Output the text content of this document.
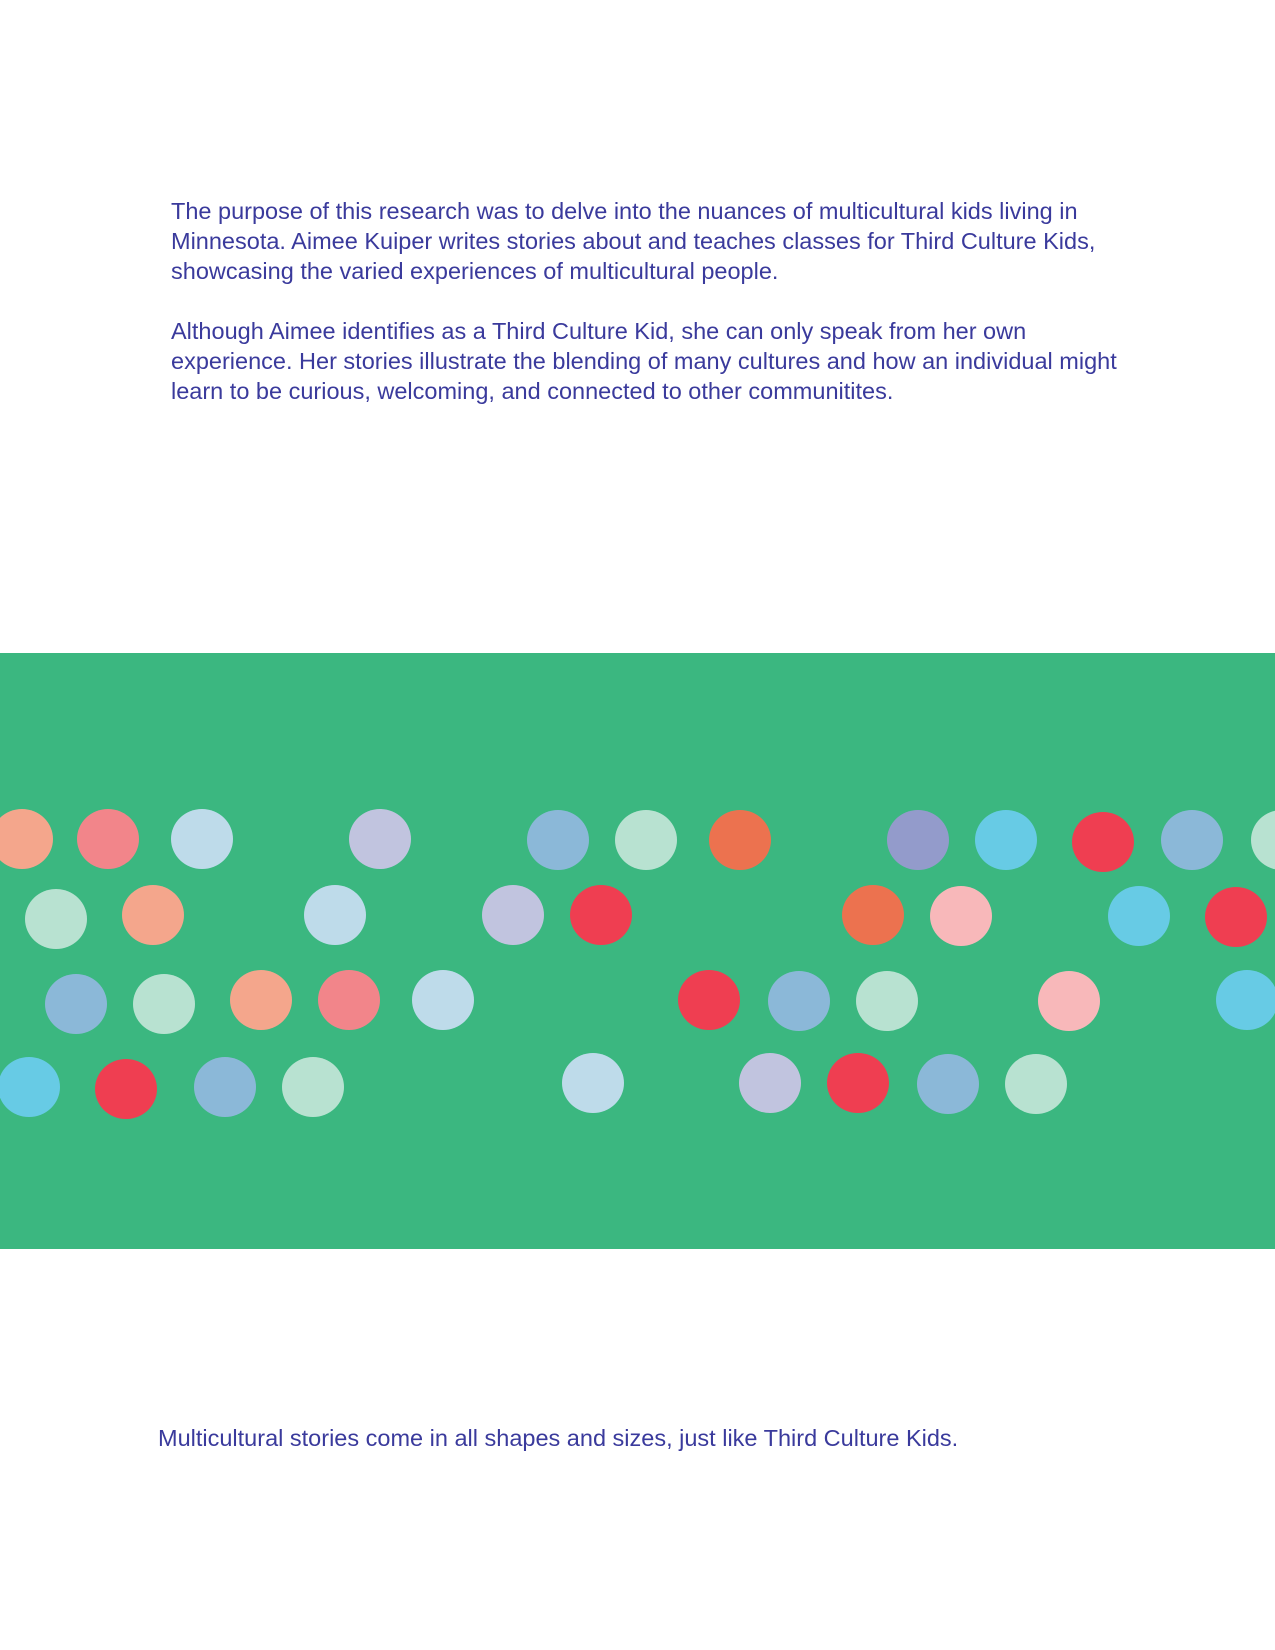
The purpose of this research was to delve into the nuances of multicultural kids living in Minnesota. Aimee Kuiper writes stories about and teaches classes for Third Culture Kids, showcasing the varied experiences of multicultural people.

Although Aimee identifies as a Third Culture Kid, she can only speak from her own experience. Her stories illustrate the blending of many cultures and how an individual might learn to be curious, welcoming, and connected to other communitites.

Multicultural stories come in all shapes and sizes, just like Third Culture Kids.
